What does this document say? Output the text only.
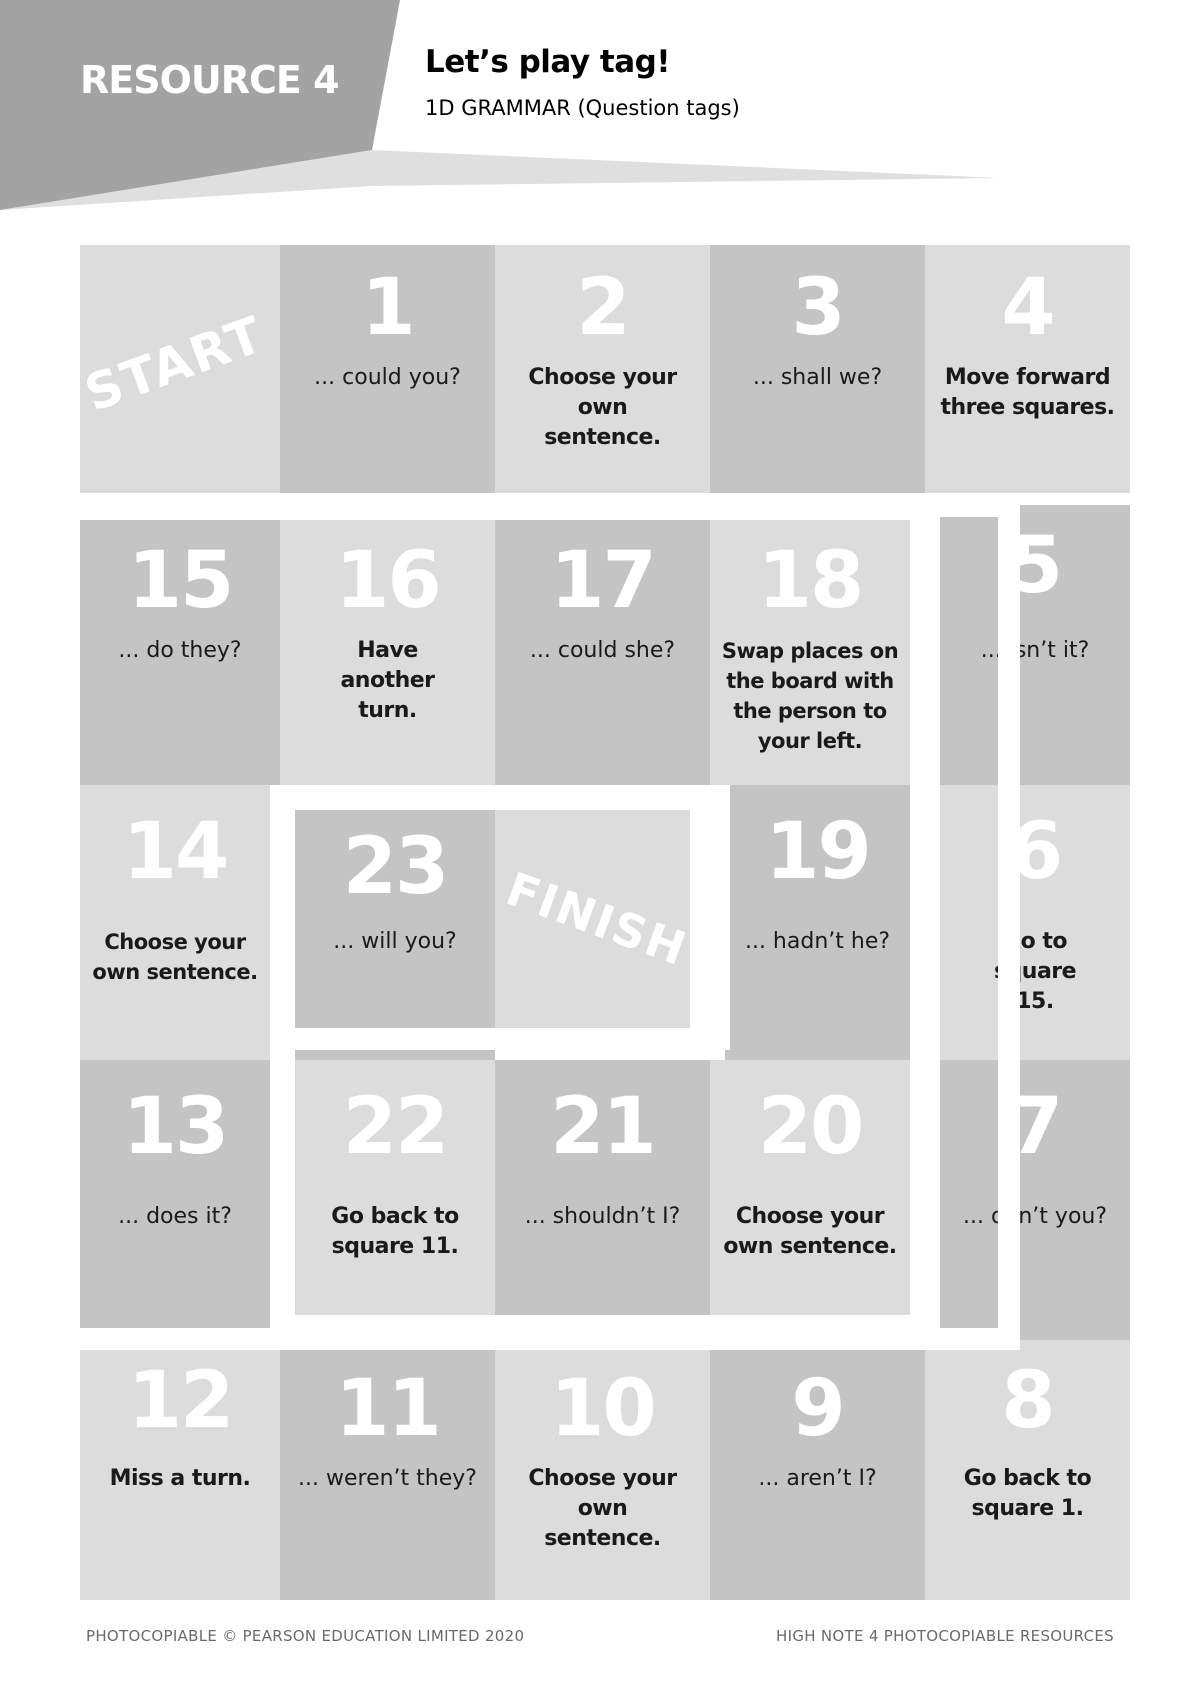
RESOURCE 4	Let’s play tag!
1D GRAMMAR (Question tags)
START	1
... could you?
2
Choose your own sentence.
3
... shall we?
4
Move forward three squares.
15
... do they?
16
Have another turn.
17
... could she?
18
Swap places on the board with the person to your left.
5
... isn’t it?
14
Choose your own sentence.
23
... will you? FINISH
19
... hadn’t he?
6
Go to square 15.
13
... does it?
22
Go back to square 11.
21
... shouldn’t I?
20
Choose your own sentence.
7
... don’t you?
12
Miss a turn.
11
... weren’t they?
10
Choose your own sentence.
9
... aren’t I?
8
Go back to square 1.
PHOTOCOPIABLE © PEARSON EDUCATION LIMITED 2020	HIGH NOTE 4 PHOTOCOPIABLE RESOURCES
